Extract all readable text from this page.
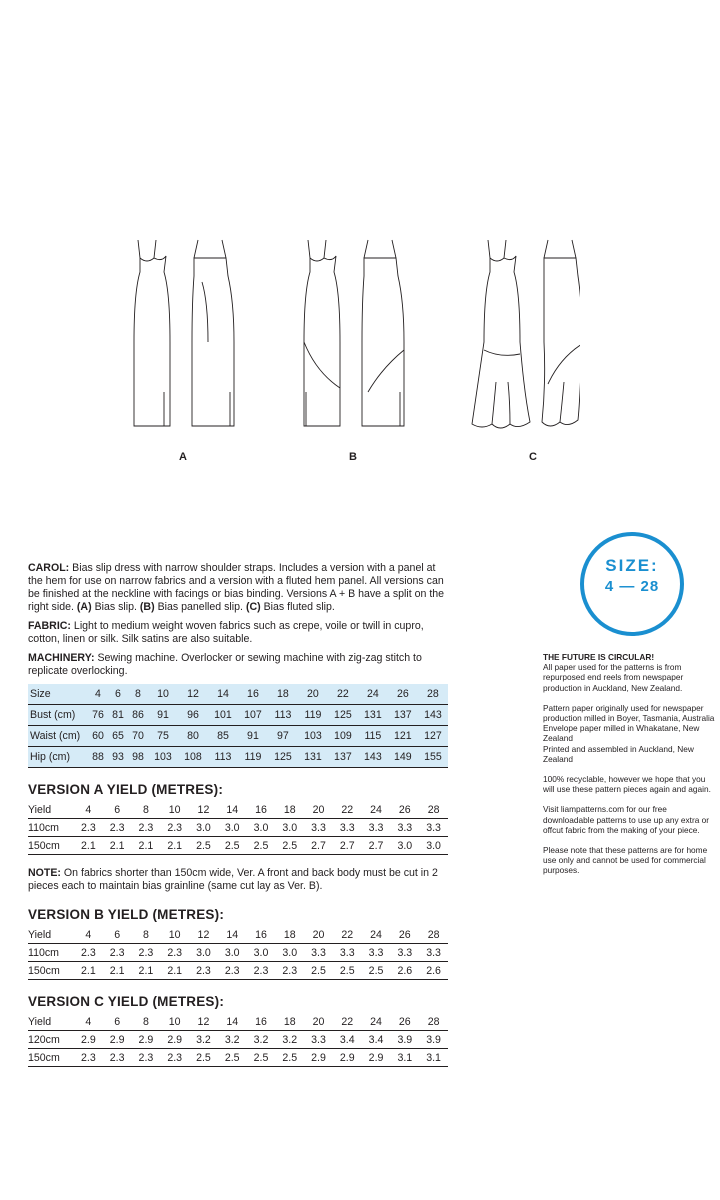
A	B	C
SIZE:
4 — 28
THE FUTURE IS CIRCULAR!

All paper used for the patterns is from repurposed end reels from newspaper production in Auckland, New Zealand.

Pattern paper originally used for newspaper production milled in Boyer, Tasmania, Australia
Envelope paper milled in Whakatane, New Zealand

Printed and assembled in Auckland, New Zealand

100% recyclable, however we hope that you will use these pattern pieces again and again.

Visit liampatterns.com for our free downloadable patterns to use up any extra or offcut fabric from the making of your piece.

Please note that these patterns are for home use only and cannot be used for commercial purposes.

CAROL: Bias slip dress with narrow shoulder straps. Includes a version with a panel at the hem for use on narrow fabrics and a version with a fluted hem panel. All versions can be finished at the neckline with facings or bias binding. Versions A + B have a split on the right side. (A) Bias slip. (B) Bias panelled slip. (C) Bias fluted slip.

FABRIC: Light to medium weight woven fabrics such as crepe, voile or twill in cupro, cotton, linen or silk. Silk satins are also suitable.

MACHINERY: Sewing machine. Overlocker or sewing machine with zig-zag stitch to replicate overlocking.

Size	4	6	8	10	12	14	16	18	20	22	24	26	28
Bust (cm)	76	81	86	91	96	101	107	113	119	125	131	137	143
Waist (cm)	60	65	70	75	80	85	91	97	103	109	115	121	127
Hip (cm)	88	93	98	103	108	113	119	125	131	137	143	149	155
VERSION A YIELD (METRES):
Yield	4	6	8	10	12	14	16	18	20	22	24	26	28
110cm	2.3	2.3	2.3	2.3	3.0	3.0	3.0	3.0	3.3	3.3	3.3	3.3	3.3
150cm	2.1	2.1	2.1	2.1	2.5	2.5	2.5	2.5	2.7	2.7	2.7	3.0	3.0

NOTE: On fabrics shorter than 150cm wide, Ver. A front and back body must be cut in 2 pieces each to maintain bias grainline (same cut lay as Ver. B).

VERSION B YIELD (METRES):
Yield	4	6	8	10	12	14	16	18	20	22	24	26	28
110cm	2.3	2.3	2.3	2.3	3.0	3.0	3.0	3.0	3.3	3.3	3.3	3.3	3.3
150cm	2.1	2.1	2.1	2.1	2.3	2.3	2.3	2.3	2.5	2.5	2.5	2.6	2.6
VERSION C YIELD (METRES):
Yield	4	6	8	10	12	14	16	18	20	22	24	26	28
120cm	2.9	2.9	2.9	2.9	3.2	3.2	3.2	3.2	3.3	3.4	3.4	3.9	3.9
150cm	2.3	2.3	2.3	2.3	2.5	2.5	2.5	2.5	2.9	2.9	2.9	3.1	3.1
